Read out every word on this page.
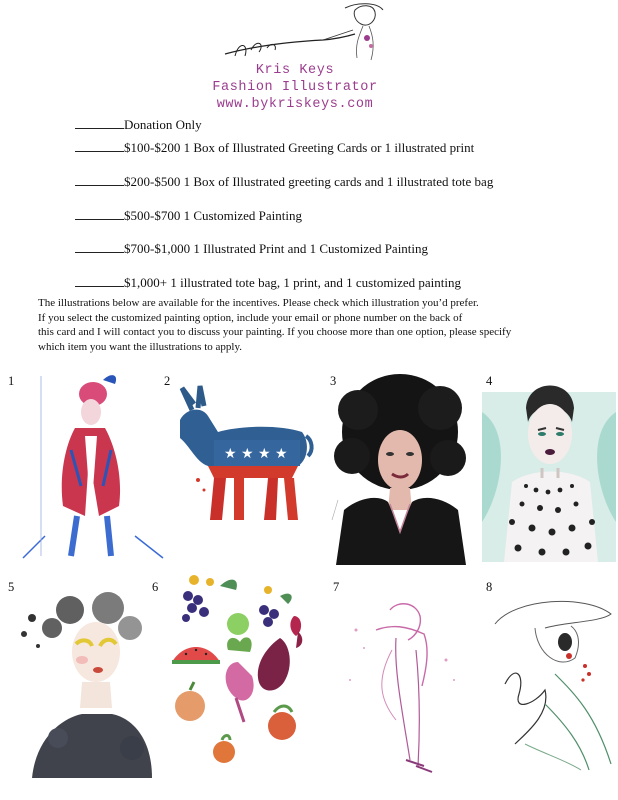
Kris Keys
Fashion Illustrator
www.bykriskeys.com
Donation Only
$100-$200 1 Box of Illustrated Greeting Cards or 1 illustrated print
$200-$500 1 Box of Illustrated greeting cards and 1 illustrated tote bag
$500-$700 1 Customized Painting
$700-$1,000 1 Illustrated Print and 1 Customized Painting
$1,000+ 1 illustrated tote bag, 1 print, and 1 customized painting
The illustrations below are available for the incentives. Please check which illustration you’d prefer.
If you select the customized painting option, include your email or phone number on the back of
this card and I will contact you to discuss your painting. If you choose more than one option, please specify
which item you want the illustrations to apply.
1	2	3	4
★ ★ ★ ★
5	6	7	8
